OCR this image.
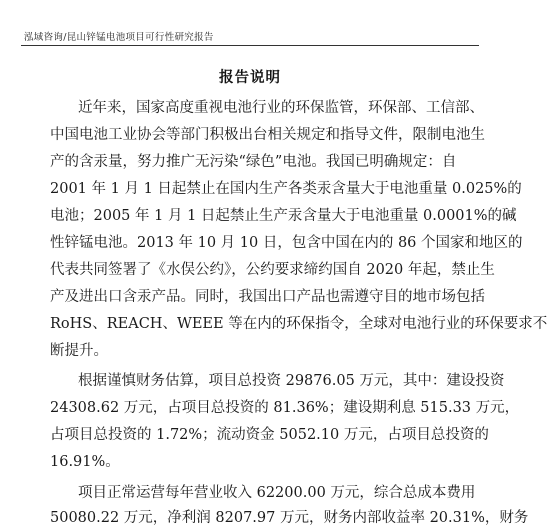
泓域咨询/昆山锌锰电池项目可行性研究报告
报告说明
近年来，国家高度重视电池行业的环保监管，环保部、工信部、
中国电池工业协会等部门积极出台相关规定和指导文件，限制电池生
产的含汞量，努力推广无污染“绿色”电池。我国已明确规定：自
2001 年 1 月 1 日起禁止在国内生产各类汞含量大于电池重量 0.025%的
电池；2005 年 1 月 1 日起禁止生产汞含量大于电池重量 0.0001%的碱
性锌锰电池。2013 年 10 月 10 日，包含中国在内的 86 个国家和地区的
代表共同签署了《水俣公约》，公约要求缔约国自 2020 年起，禁止生
产及进出口含汞产品。同时，我国出口产品也需遵守目的地市场包括
RoHS、REACH、WEEE 等在内的环保指令，全球对电池行业的环保要求不
断提升。
根据谨慎财务估算，项目总投资 29876.05 万元，其中：建设投资
24308.62 万元，占项目总投资的 81.36%；建设期利息 515.33 万元，
占项目总投资的 1.72%；流动资金 5052.10 万元，占项目总投资的
16.91%。
项目正常运营每年营业收入 62200.00 万元，综合总成本费用
50080.22 万元，净利润 8207.97 万元，财务内部收益率 20.31%，财务
